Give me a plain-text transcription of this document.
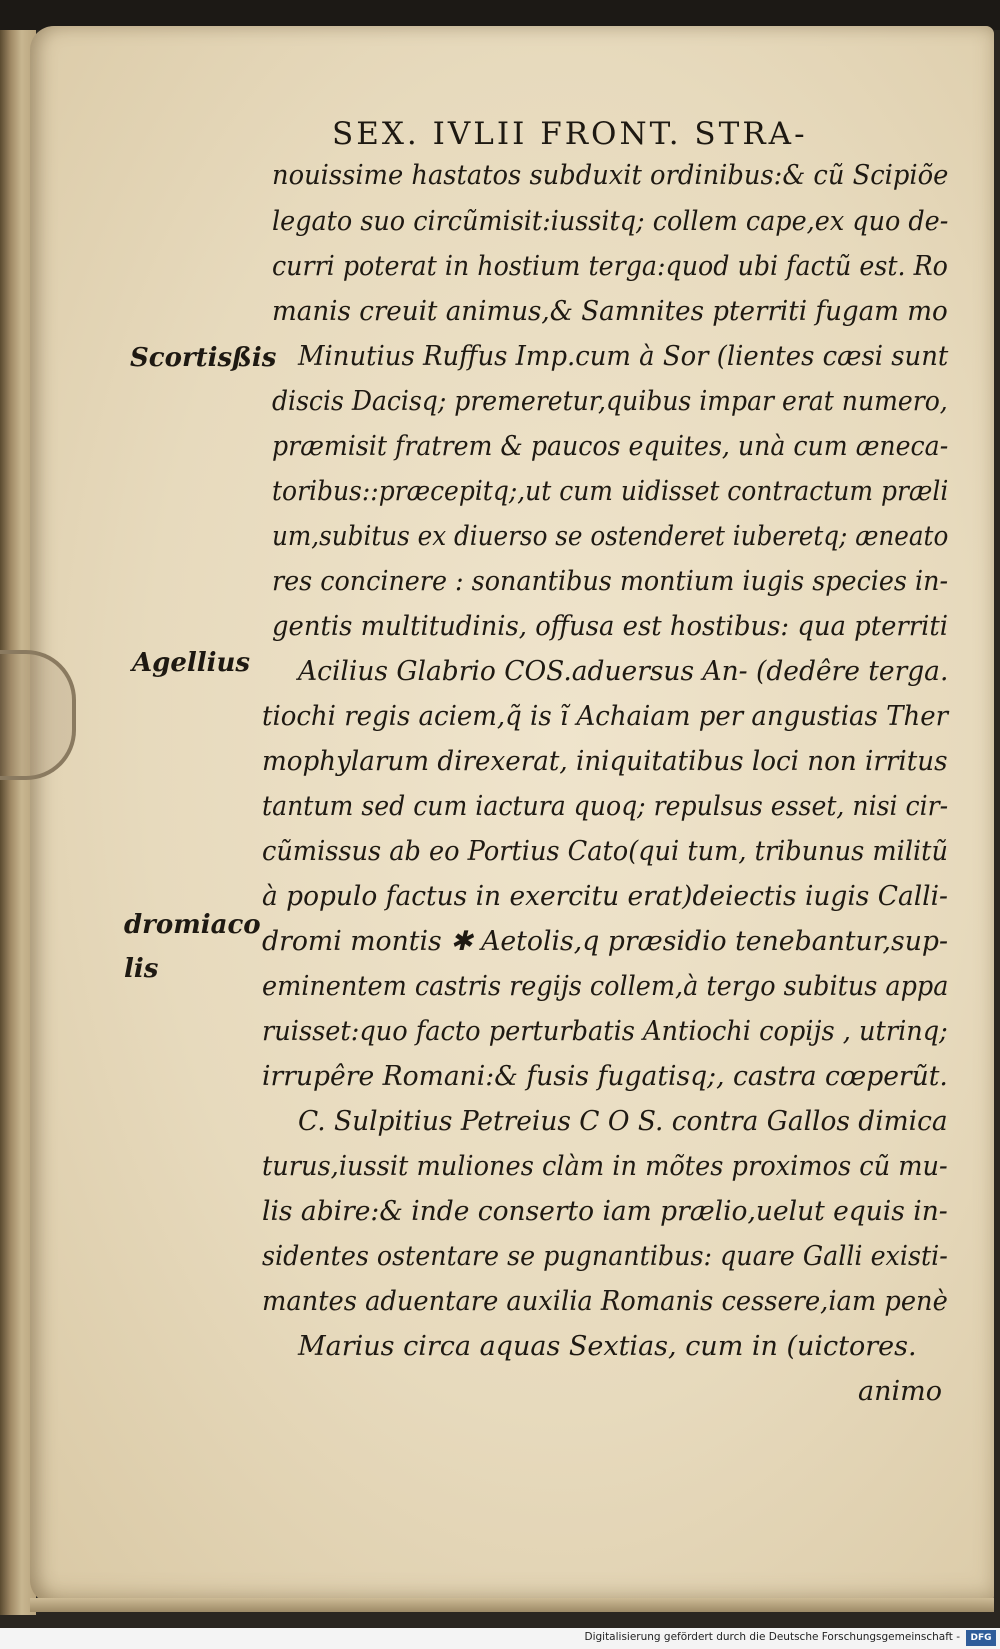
SEX. IVLII FRONT. STRA-
nouissime hastatos subduxit ordinibus:& cũ Scipiõe
legato suo circũmisit:iussitq; collem cape,ex quo de-
curri poterat in hostium terga:quod ubi factũ est. Ro
manis creuit animus,& Samnites pterriti fugam mo
Minutius Ruffus Imp.cum à Sor (lientes cæsi sunt
discis Dacisq; premeretur,quibus impar erat numero,
præmisit fratrem & paucos equites, unà cum æneca-
toribus::præcepitq;,ut cum uidisset contractum præli
um,subitus ex diuerso se ostenderet iuberetq; æneato
res concinere : sonantibus montium iugis species in-
gentis multitudinis, offusa est hostibus: qua pterriti
Acilius Glabrio COS.aduersus An- (dedêre terga.
tiochi regis aciem,q̃ is ĩ Achaiam per angustias Ther
mophylarum direxerat, iniquitatibus loci non irritus
tantum sed cum iactura quoq; repulsus esset, nisi cir-
cũmissus ab eo Portius Cato(qui tum, tribunus militũ
à populo factus in exercitu erat)deiectis iugis Calli-
dromi montis ✱ Aetolis,q præsidio tenebantur,sup-
eminentem castris regijs collem,à tergo subitus appa
ruisset:quo facto perturbatis Antiochi copijs , utrinq;
irrupêre Romani:& fusis fugatisq;, castra cœperũt.
C. Sulpitius Petreius C O S. contra Gallos dimica
turus,iussit muliones clàm in mõtes proximos cũ mu-
lis abire:& inde conserto iam prælio,uelut equis in-
sidentes ostentare se pugnantibus: quare Galli existi-
mantes aduentare auxilia Romanis cessere,iam penè
Marius circa aquas Sextias, cum in (uictores.
animo
Scortisßis
Agellius
dromiaco
lis
Digitalisierung gefördert durch die Deutsche Forschungsgemeinschaft -	DFG
